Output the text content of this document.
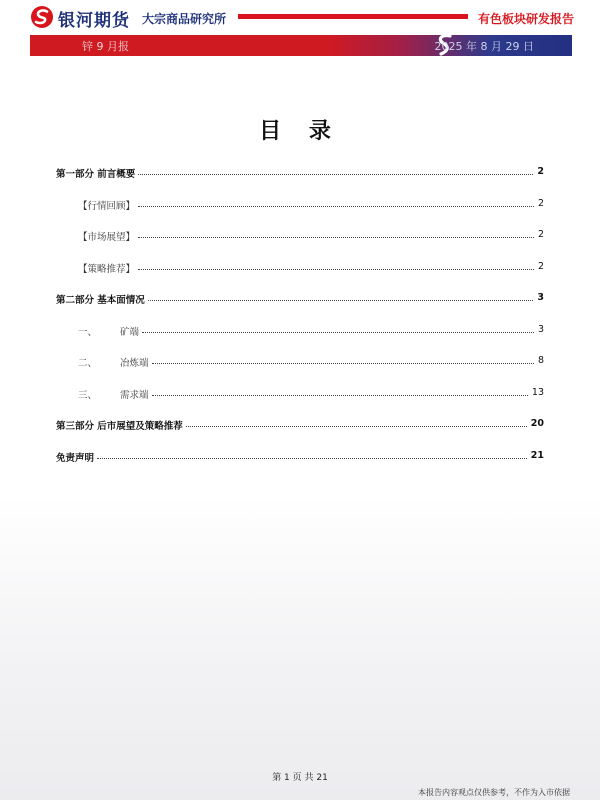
银河期货 大宗商品研究所	有色板块研发报告
锌 9 月报	2025 年 8 月 29 日
目 录
第一部分 前言概要	2
【行情回顾】	2
【市场展望】	2
【策略推荐】	2
第二部分 基本面情况	3
一、 矿端	3
二、 冶炼端	8
三、 需求端	13
第三部分 后市展望及策略推荐	20
免责声明	21
第 1 页 共 21
本报告内容观点仅供参考，不作为入市依据
